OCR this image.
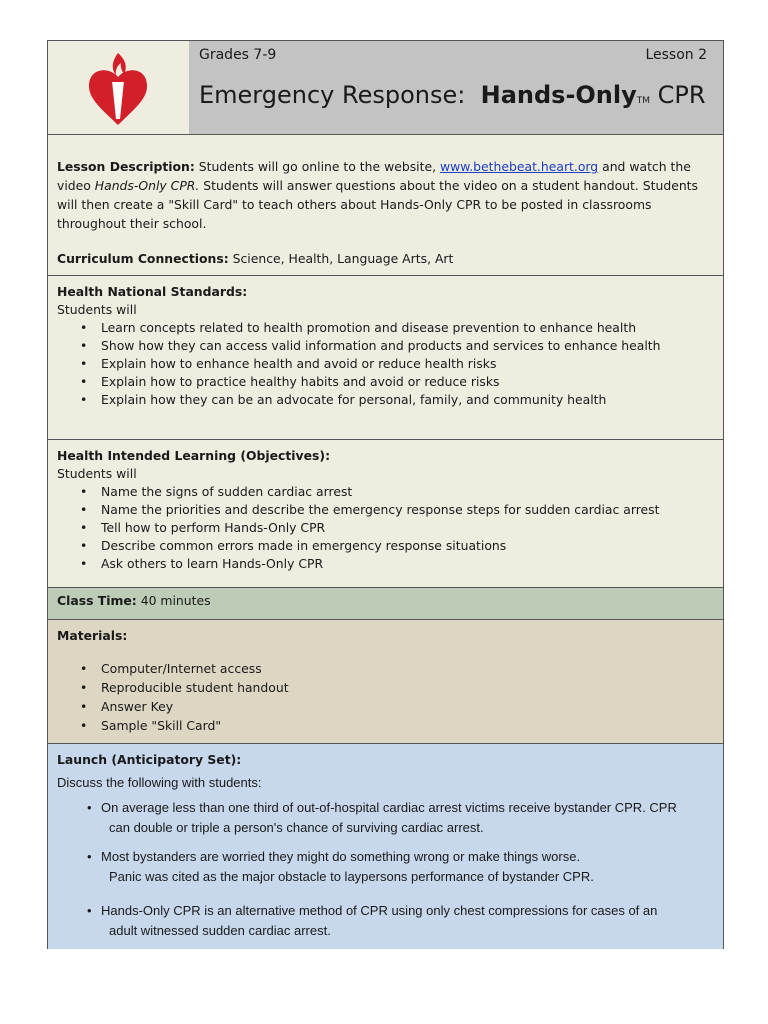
Grades 7-9	Lesson 2
Emergency Response: Hands-OnlyTM CPR
Lesson Description: Students will go online to the website, www.bethebeat.heart.org and watch the video Hands-Only CPR. Students will answer questions about the video on a student handout. Students will then create a "Skill Card" to teach others about Hands-Only CPR to be posted in classrooms throughout their school.
Curriculum Connections: Science, Health, Language Arts, Art
Health National Standards:
Students will
• Learn concepts related to health promotion and disease prevention to enhance health
• Show how they can access valid information and products and services to enhance health
• Explain how to enhance health and avoid or reduce health risks
• Explain how to practice healthy habits and avoid or reduce risks
• Explain how they can be an advocate for personal, family, and community health
Health Intended Learning (Objectives):
Students will
• Name the signs of sudden cardiac arrest
• Name the priorities and describe the emergency response steps for sudden cardiac arrest
• Tell how to perform Hands-Only CPR
• Describe common errors made in emergency response situations
• Ask others to learn Hands-Only CPR
Class Time: 40 minutes
Materials:
• Computer/Internet access
• Reproducible student handout
• Answer Key
• Sample "Skill Card"
Launch (Anticipatory Set):
Discuss the following with students:
• On average less than one third of out-of-hospital cardiac arrest victims receive bystander CPR. CPR
can double or triple a person's chance of surviving cardiac arrest.
• Most bystanders are worried they might do something wrong or make things worse.
Panic was cited as the major obstacle to laypersons performance of bystander CPR.
• Hands-Only CPR is an alternative method of CPR using only chest compressions for cases of an
adult witnessed sudden cardiac arrest.
